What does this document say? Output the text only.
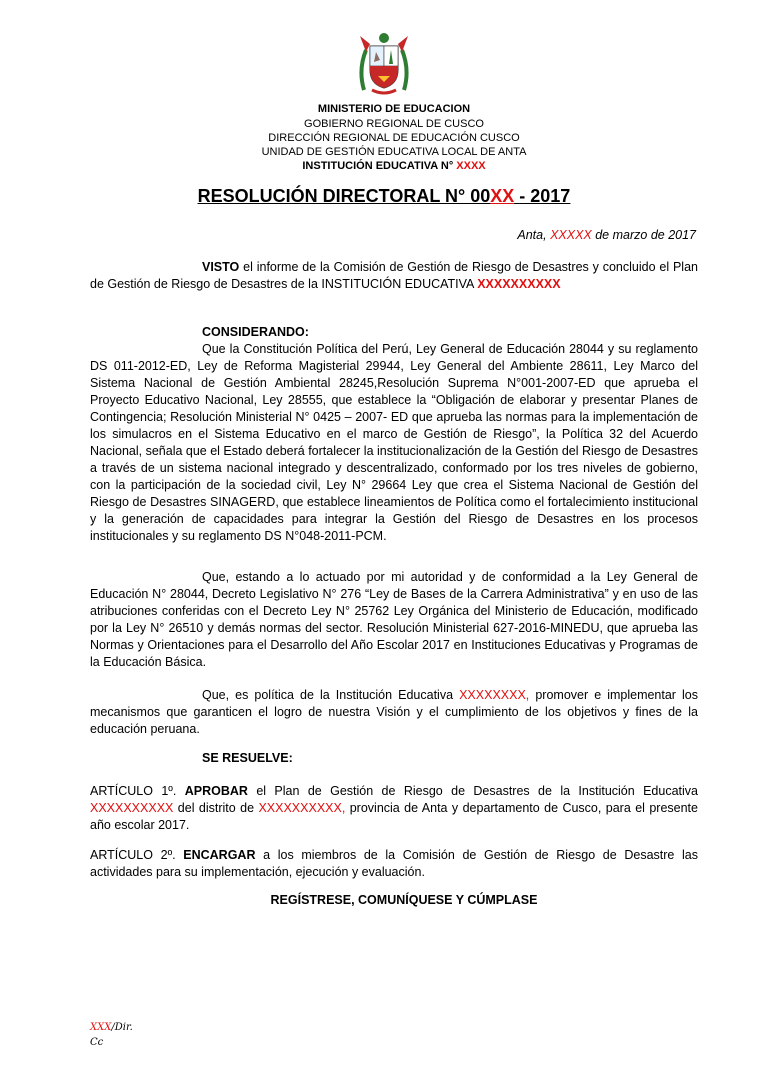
MINISTERIO DE EDUCACION
GOBIERNO REGIONAL DE CUSCO
DIRECCIÓN REGIONAL DE EDUCACIÓN CUSCO
UNIDAD DE GESTIÓN EDUCATIVA LOCAL DE ANTA
INSTITUCIÓN EDUCATIVA N° XXXX
RESOLUCIÓN DIRECTORAL N° 00XX - 2017
Anta, XXXXX de marzo de 2017
VISTO el informe de la Comisión de Gestión de Riesgo de Desastres y concluido el Plan de Gestión de Riesgo de Desastres de la INSTITUCIÓN EDUCATIVA XXXXXXXXXX
CONSIDERANDO:
Que la Constitución Política del Perú, Ley General de Educación 28044 y su reglamento DS 011-2012-ED, Ley de Reforma Magisterial 29944, Ley General del Ambiente 28611, Ley Marco del Sistema Nacional de Gestión Ambiental 28245,Resolución Suprema N°001-2007-ED que aprueba el Proyecto Educativo Nacional, Ley 28555, que establece la “Obligación de elaborar y presentar Planes de Contingencia; Resolución Ministerial N° 0425 – 2007- ED que aprueba las normas para la implementación de los simulacros en el Sistema Educativo en el marco de Gestión de Riesgo”, la Política 32 del Acuerdo Nacional, señala que el Estado deberá fortalecer la institucionalización de la Gestión del Riesgo de Desastres a través de un sistema nacional integrado y descentralizado, conformado por los tres niveles de gobierno, con la participación de la sociedad civil, Ley N° 29664 Ley que crea el Sistema Nacional de Gestión del Riesgo de Desastres SINAGERD, que establece lineamientos de Política como el fortalecimiento institucional y la generación de capacidades para integrar la Gestión del Riesgo de Desastres en los procesos institucionales y su reglamento DS N°048-2011-PCM.
Que, estando a lo actuado por mi autoridad y de conformidad a la Ley General de Educación N° 28044, Decreto Legislativo N° 276 “Ley de Bases de la Carrera Administrativa” y en uso de las atribuciones conferidas con el Decreto Ley N° 25762 Ley Orgánica del Ministerio de Educación, modificado por la Ley N° 26510 y demás normas del sector. Resolución Ministerial 627-2016-MINEDU, que aprueba las Normas y Orientaciones para el Desarrollo del Año Escolar 2017 en Instituciones Educativas y Programas de la Educación Básica.
Que, es política de la Institución Educativa XXXXXXXX, promover e implementar los mecanismos que garanticen el logro de nuestra Visión y el cumplimiento de los objetivos y fines de la educación peruana.
SE RESUELVE:
ARTÍCULO 1º. APROBAR el Plan de Gestión de Riesgo de Desastres de la Institución Educativa XXXXXXXXXX del distrito de XXXXXXXXXX, provincia de Anta y departamento de Cusco, para el presente año escolar 2017.
ARTÍCULO 2º. ENCARGAR a los miembros de la Comisión de Gestión de Riesgo de Desastre las actividades para su implementación, ejecución y evaluación.
REGÍSTRESE, COMUNÍQUESE Y CÚMPLASE
XXX/Dir.
Cc
